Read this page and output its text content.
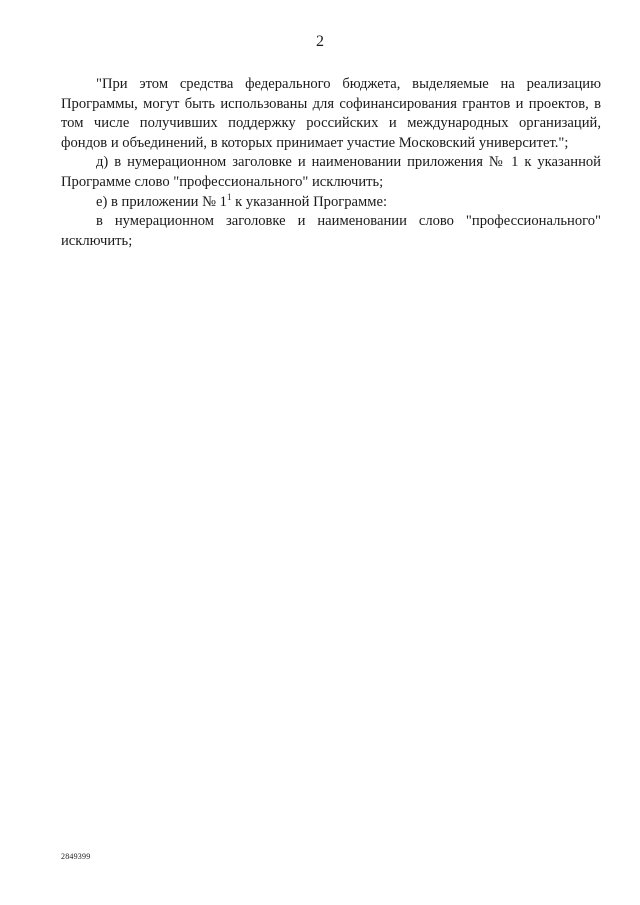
2

"При этом средства федерального бюджета, выделяемые на реализацию Программы, могут быть использованы для софинансирования грантов и проектов, в том числе получивших поддержку российских и международных организаций, фондов и объединений, в которых принимает участие Московский университет.";

д) в нумерационном заголовке и наименовании приложения № 1 к указанной Программе слово "профессионального" исключить;

е) в приложении № $1^1$ к указанной Программе:

в нумерационном заголовке и наименовании слово "профессионального" исключить;

2849399
